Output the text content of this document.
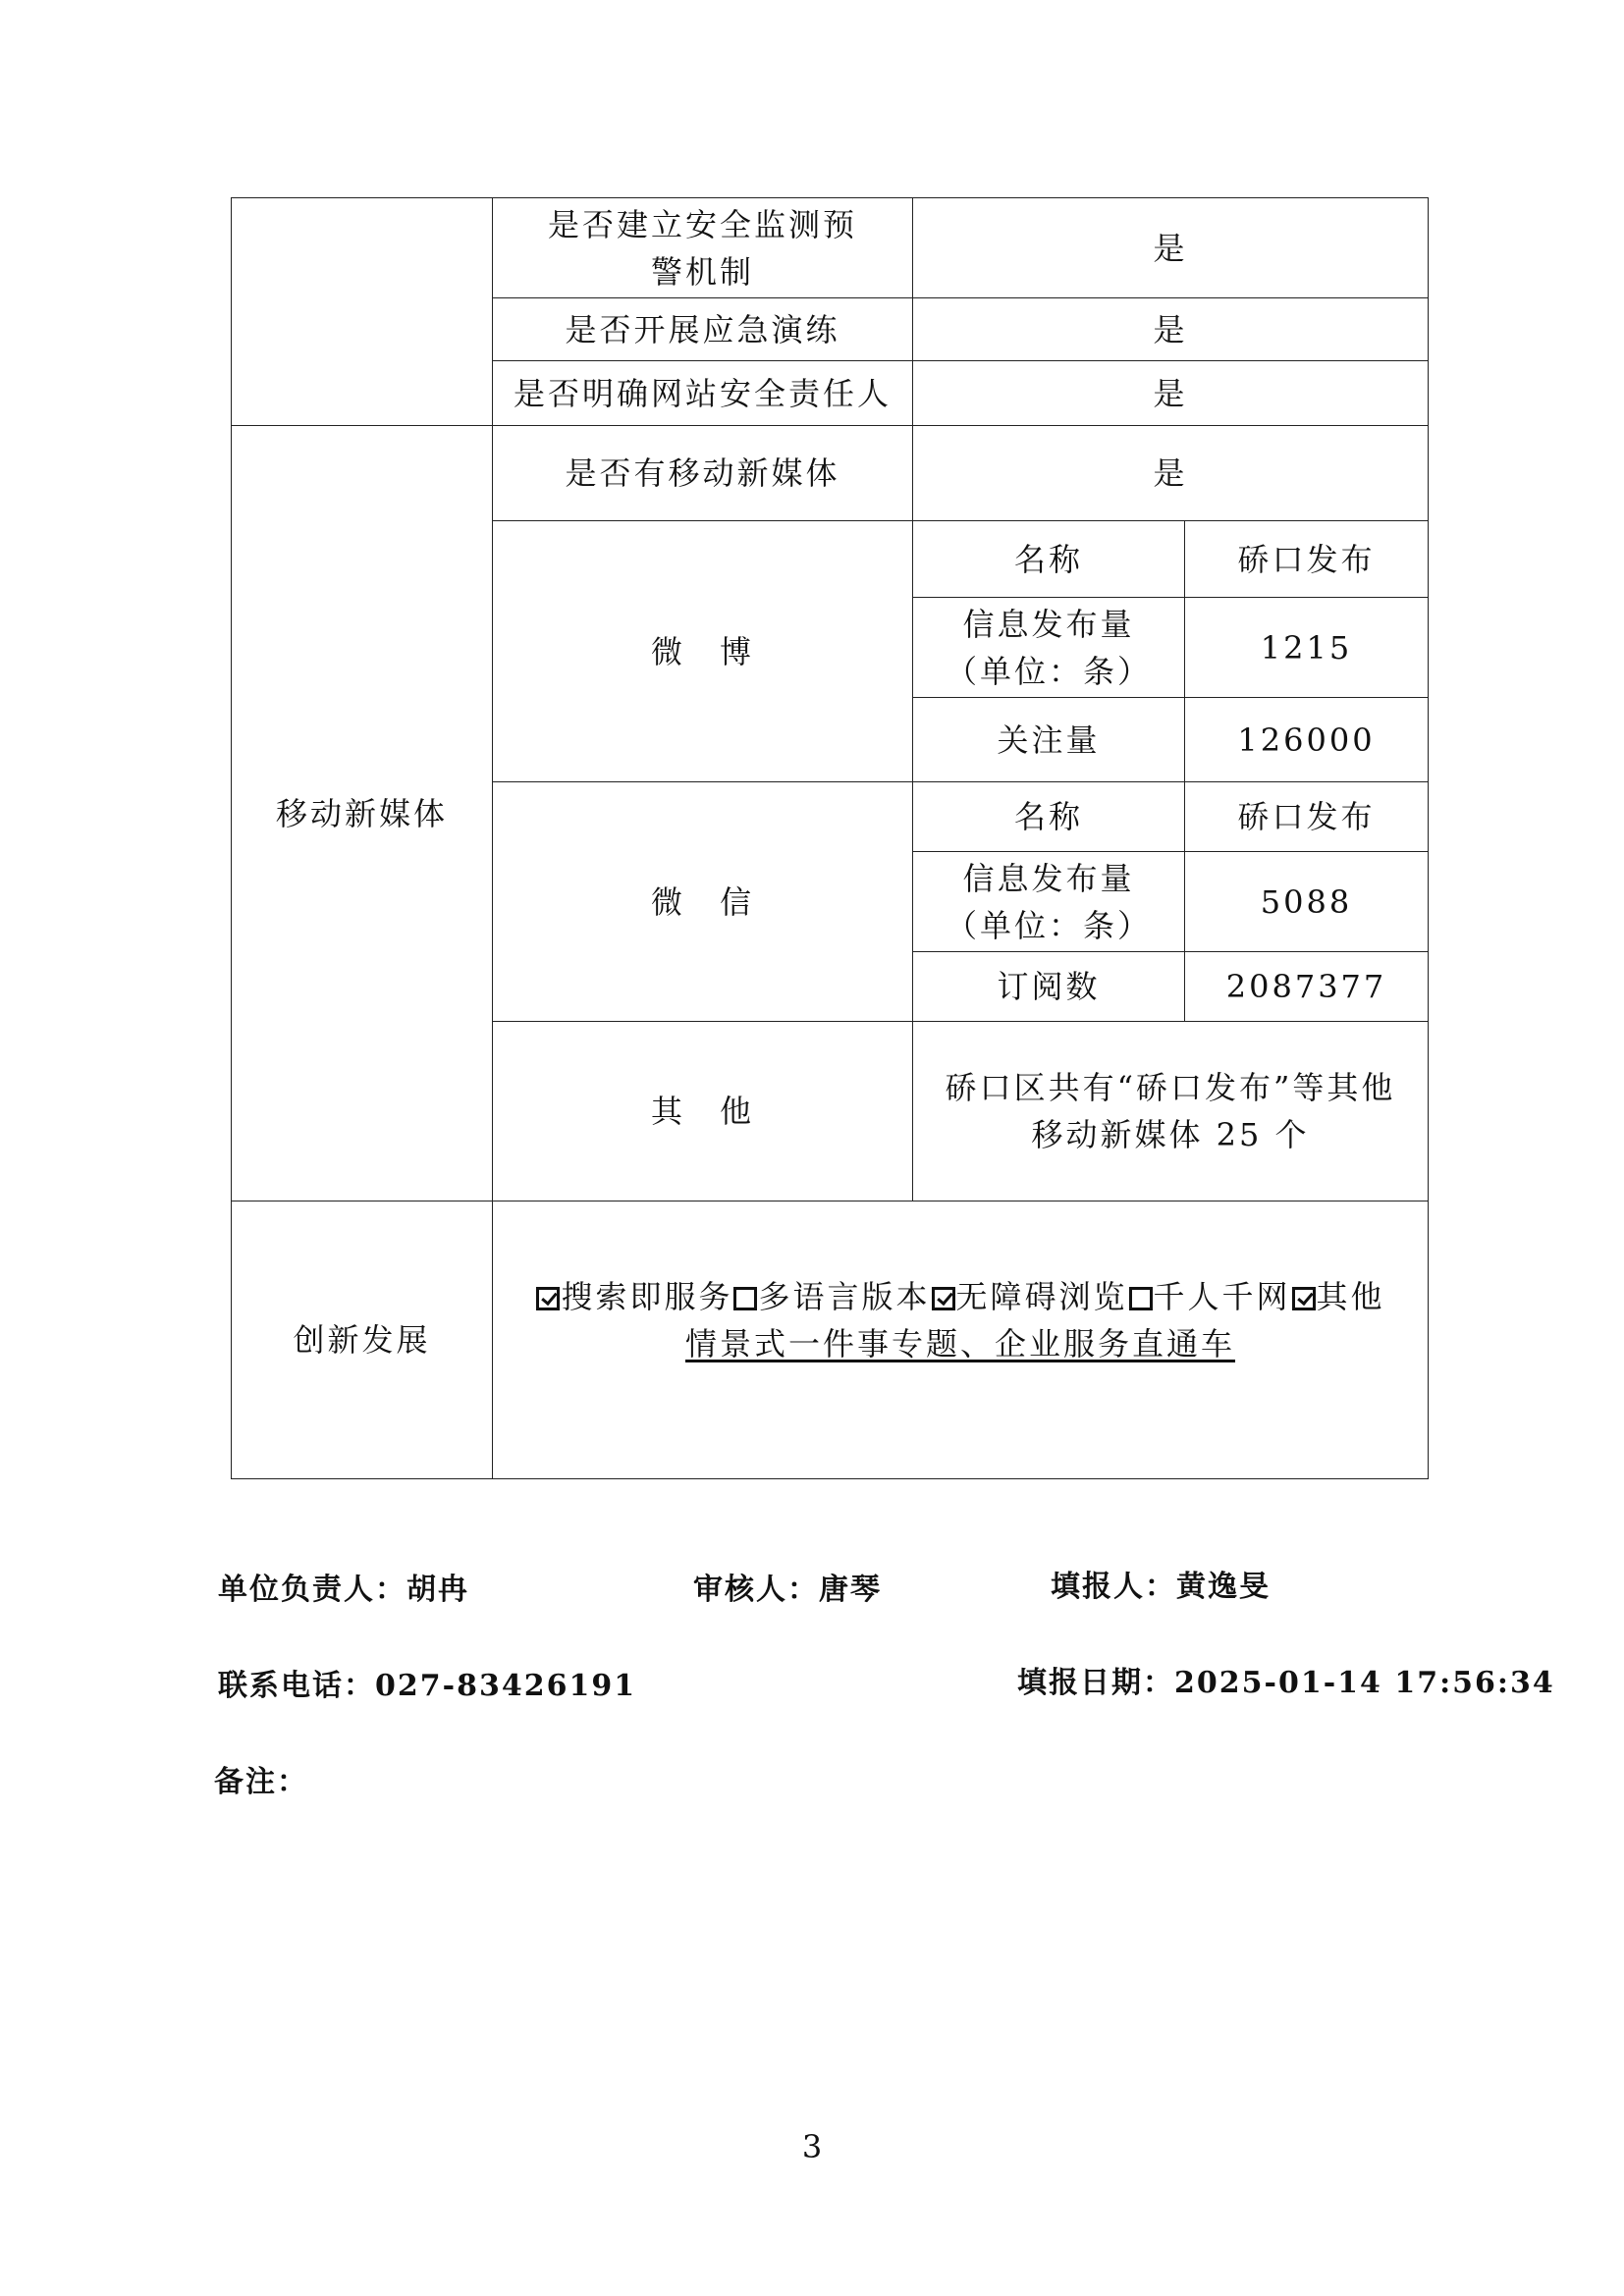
	是否建立安全监测预警机制	是	
	是否开展应急演练	是	
	是否明确网站安全责任人	是	
移动新媒体	是否有移动新媒体	是	
	微　博	名称	硚口发布
		信息发布量（单位：条）	1215
		关注量	126000
	微　信	名称	硚口发布
		信息发布量（单位：条）	5088
		订阅数	2087377
	其　他	硚口区共有“硚口发布”等其他移动新媒体 25 个	
创新发展	搜索即服务 多语言版本 无障碍浏览 千人千网 其他
情景式一件事专题、企业服务直通车		
单位负责人：胡冉	审核人：唐琴	填报人：黄逸旻
联系电话：027-83426191	填报日期：2025-01-14 17:56:34
备注：
3
